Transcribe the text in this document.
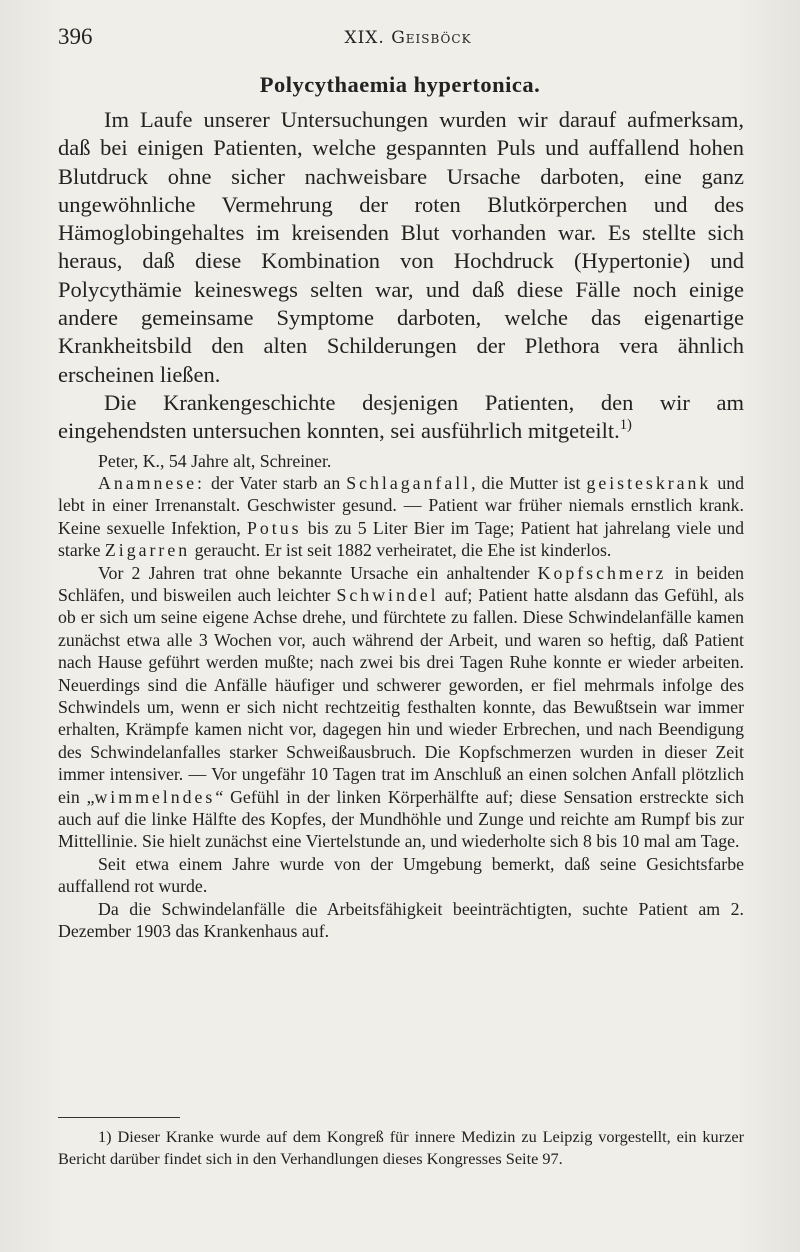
396	XIX. Geisböck
Polycythaemia hypertonica.

Im Laufe unserer Untersuchungen wurden wir darauf aufmerksam, daß bei einigen Patienten, welche gespannten Puls und auffallend hohen Blutdruck ohne sicher nachweisbare Ursache darboten, eine ganz ungewöhnliche Vermehrung der roten Blutkörperchen und des Hämoglobingehaltes im kreisenden Blut vorhanden war. Es stellte sich heraus, daß diese Kombination von Hochdruck (Hypertonie) und Polycythämie keineswegs selten war, und daß diese Fälle noch einige andere gemeinsame Symptome darboten, welche das eigenartige Krankheitsbild den alten Schilderungen der Plethora vera ähnlich erscheinen ließen.

Die Krankengeschichte desjenigen Patienten, den wir am eingehendsten untersuchen konnten, sei ausführlich mitgeteilt.$^{1)}$

Peter, K., 54 Jahre alt, Schreiner.

Anamnese: der Vater starb an Schlaganfall, die Mutter ist geisteskrank und lebt in einer Irrenanstalt. Geschwister gesund. — Patient war früher niemals ernstlich krank. Keine sexuelle Infektion, Potus bis zu 5 Liter Bier im Tage; Patient hat jahrelang viele und starke Zigarren geraucht. Er ist seit 1882 verheiratet, die Ehe ist kinderlos.

Vor 2 Jahren trat ohne bekannte Ursache ein anhaltender Kopfschmerz in beiden Schläfen, und bisweilen auch leichter Schwindel auf; Patient hatte alsdann das Gefühl, als ob er sich um seine eigene Achse drehe, und fürchtete zu fallen. Diese Schwindelanfälle kamen zunächst etwa alle 3 Wochen vor, auch während der Arbeit, und waren so heftig, daß Patient nach Hause geführt werden mußte; nach zwei bis drei Tagen Ruhe konnte er wieder arbeiten. Neuerdings sind die Anfälle häufiger und schwerer geworden, er fiel mehrmals infolge des Schwindels um, wenn er sich nicht rechtzeitig festhalten konnte, das Bewußtsein war immer erhalten, Krämpfe kamen nicht vor, dagegen hin und wieder Erbrechen, und nach Beendigung des Schwindelanfalles starker Schweißausbruch. Die Kopfschmerzen wurden in dieser Zeit immer intensiver. — Vor ungefähr 10 Tagen trat im Anschluß an einen solchen Anfall plötzlich ein „wimmelndes“ Gefühl in der linken Körperhälfte auf; diese Sensation erstreckte sich auch auf die linke Hälfte des Kopfes, der Mundhöhle und Zunge und reichte am Rumpf bis zur Mittellinie. Sie hielt zunächst eine Viertelstunde an, und wiederholte sich 8 bis 10 mal am Tage.

Seit etwa einem Jahre wurde von der Umgebung bemerkt, daß seine Gesichtsfarbe auffallend rot wurde.

Da die Schwindelanfälle die Arbeitsfähigkeit beeinträchtigten, suchte Patient am 2. Dezember 1903 das Krankenhaus auf.

1) Dieser Kranke wurde auf dem Kongreß für innere Medizin zu Leipzig vorgestellt, ein kurzer Bericht darüber findet sich in den Verhandlungen dieses Kongresses Seite 97.
